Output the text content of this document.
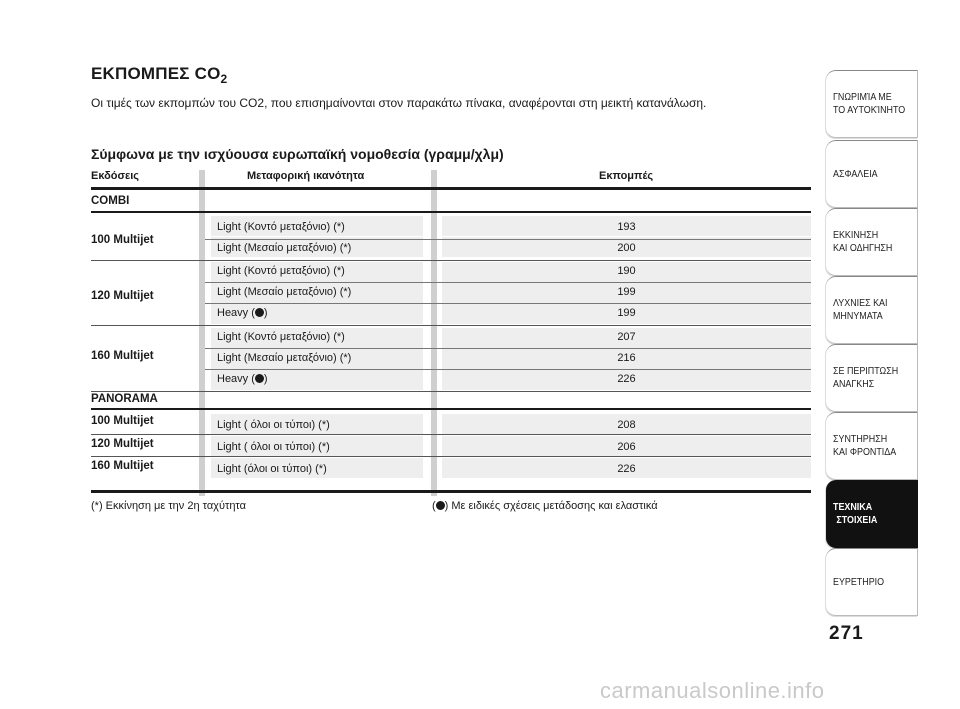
ΕΚΠΟΜΠΕΣ $CO_2$
Οι τιμές των εκπομπών του CO2, που επισημαίνονται στον παρακάτω πίνακα, αναφέρονται στη μεικτή κατανάλωση.
Σύμφωνα με την ισχύουσα ευρωπαϊκή νομοθεσία (γραμμ/χλμ)
Εκδόσεις	Μεταφορική ικανότητα	Εκπομπές
COMBI
100 Multijet
Light (Κοντό μεταξόνιο) (*)	193
Light (Μεσαίο μεταξόνιο) (*)	200
120 Multijet
Light (Κοντό μεταξόνιο) (*)	190
Light (Μεσαίο μεταξόνιο) (*)	199
Heavy ( )	199
160 Multijet
Light (Κοντό μεταξόνιο) (*)	207
Light (Μεσαίο μεταξόνιο) (*)	216
Heavy ( )	226
PANORAMA
100 Multijet	Light ( όλοι οι τύποι) (*)	208
120 Multijet	Light ( όλοι οι τύποι) (*)	206
160 Multijet	Light (όλοι οι τύποι) (*)	226
(*) Εκκίνηση με την 2η ταχύτητα	( ) Με ειδικές σχέσεις μετάδοσης και ελαστικά
ΓΝΩΡΙΜΊΑ ΜΕ
ΤΟ ΑΥΤΟΚΊΝΗΤΟ
ΑΣΦΑΛΕΙΑ
ΕΚΚΙΝΗΣΗ
ΚΑΙ ΟΔΗΓΗΣΗ
ΛΥΧΝΙΕΣ ΚΑΙ
ΜΗΝΥΜΑΤΑ
ΣΕ ΠΕΡΙΠΤΩΣΗ
ΑΝΑΓΚΗΣ
ΣΥΝΤΗΡΗΣΗ
ΚΑΙ ΦΡΟΝΤΙΔΑ
ΤΕΧΝΙΚΑ
ΣΤΟΙΧΕΙΑ
ΕΥΡΕΤΗΡΙΟ
271
carmanualsonline.info
